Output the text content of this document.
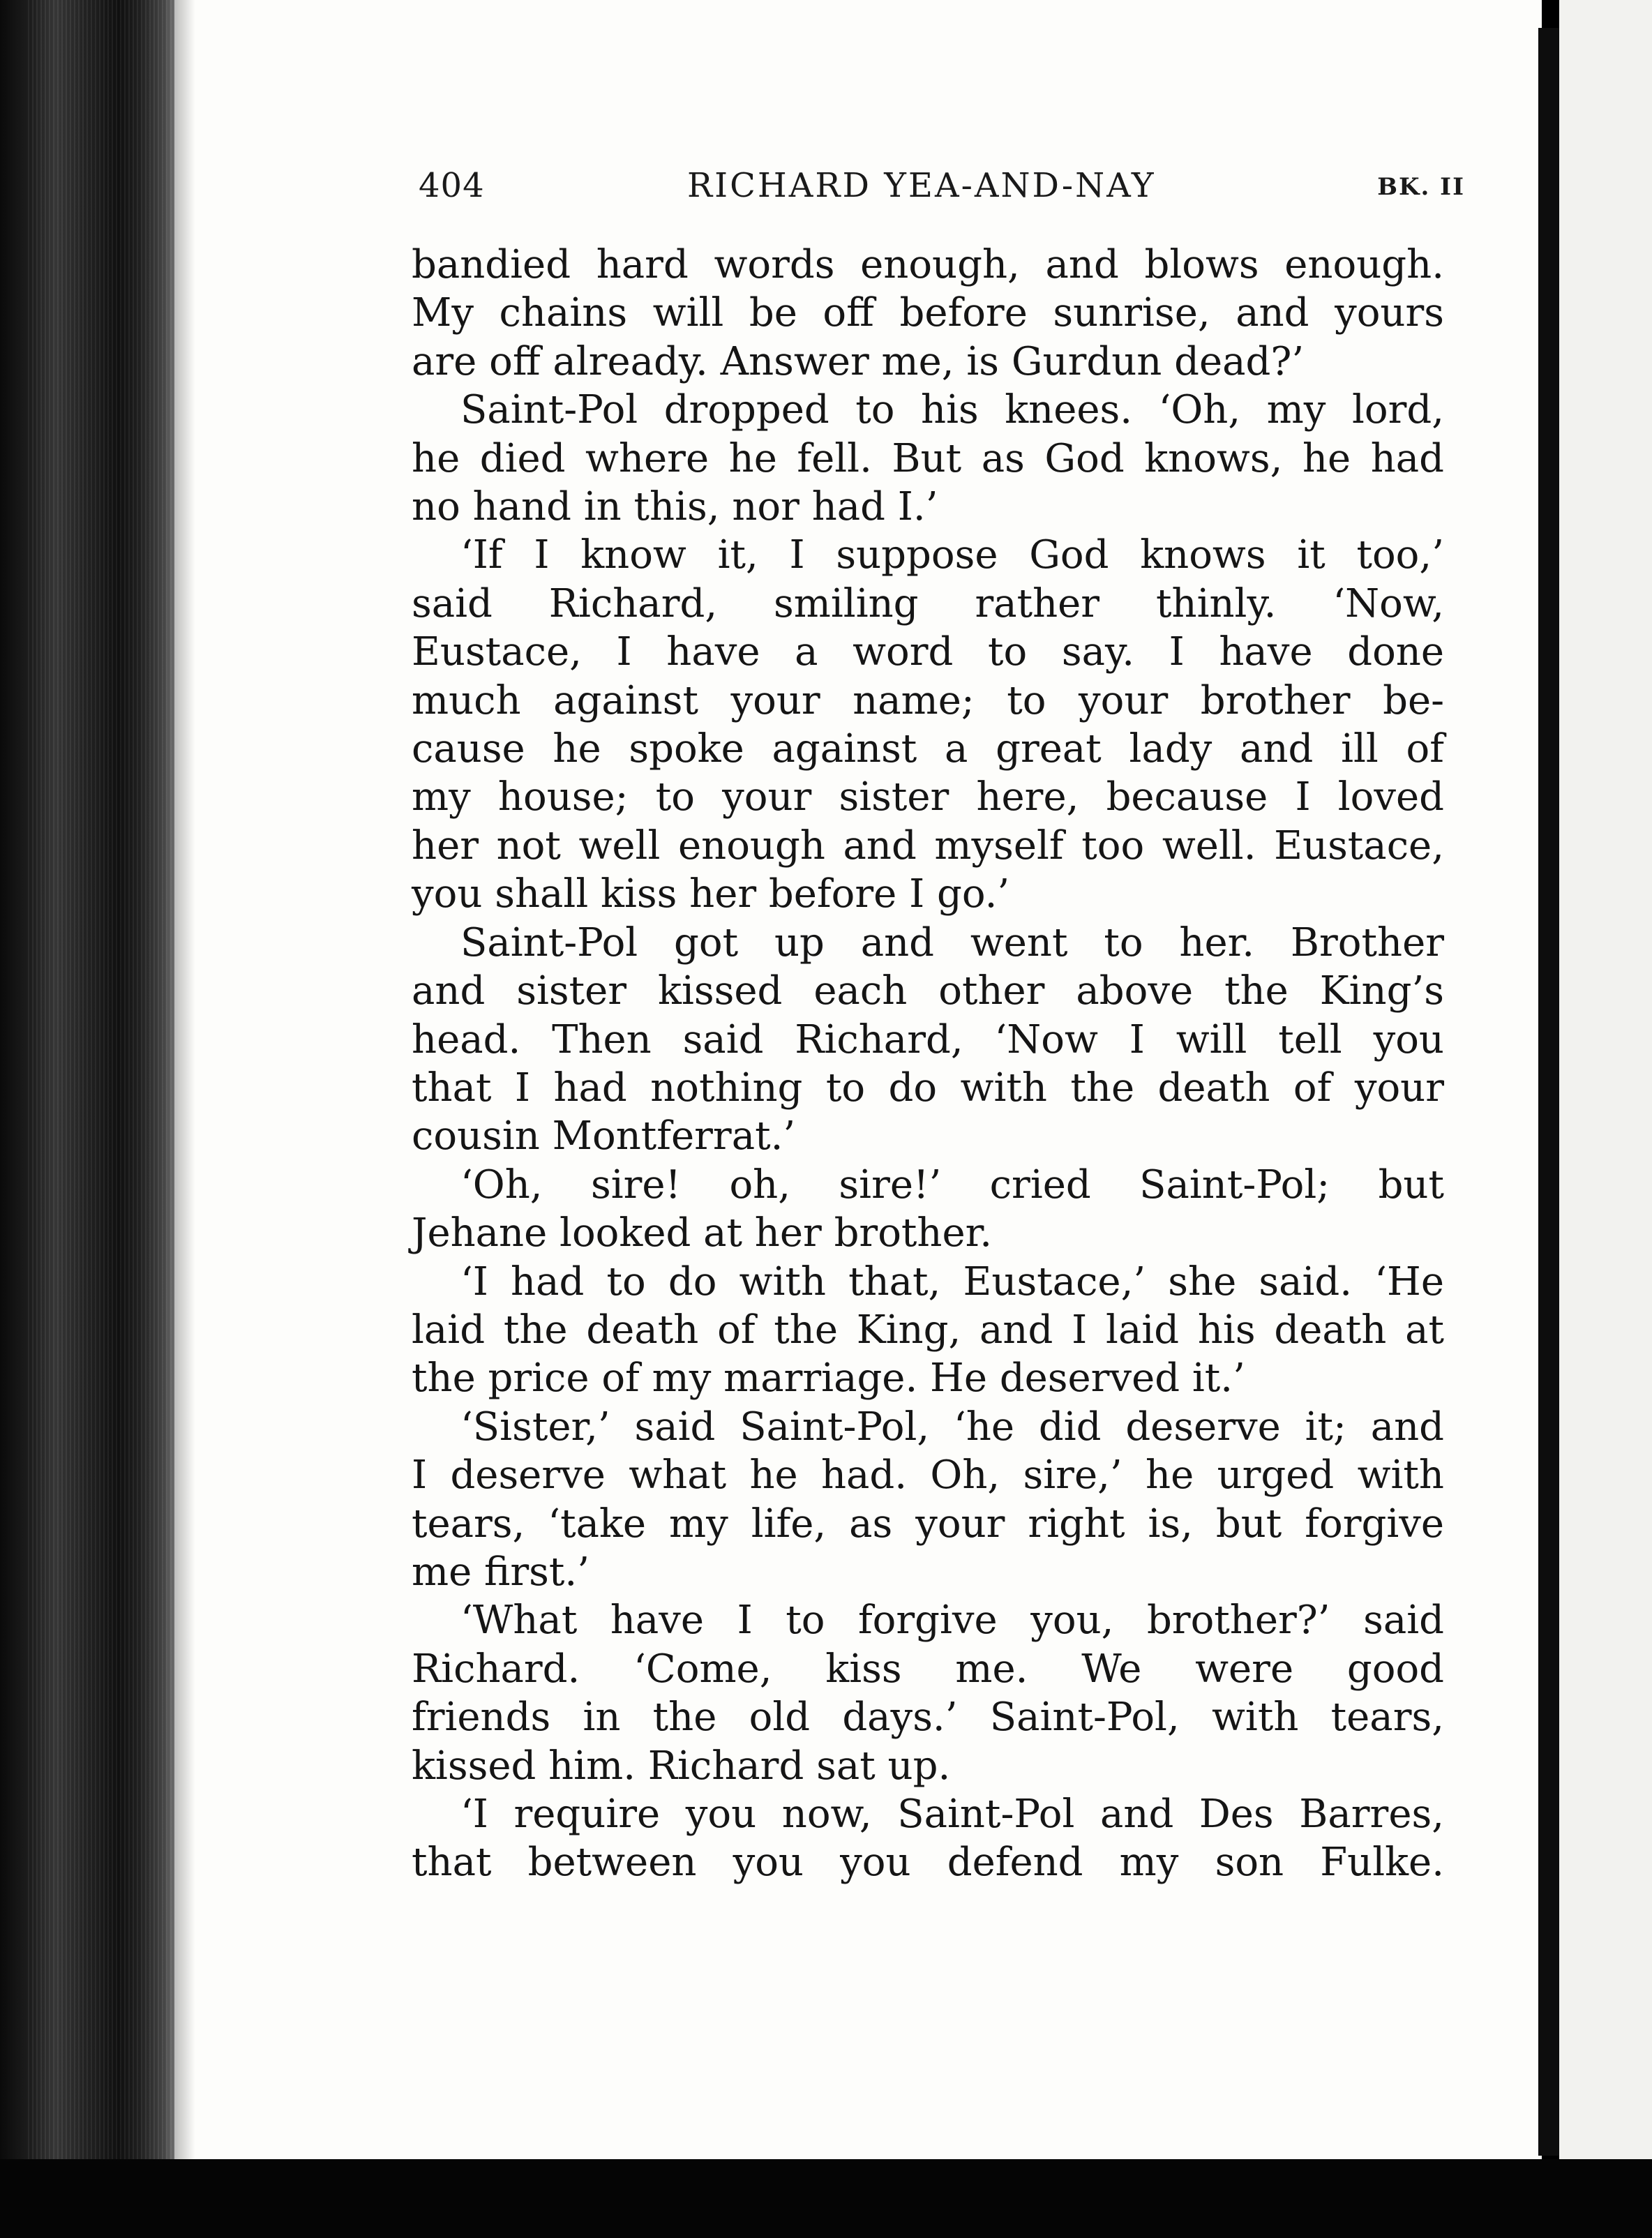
404	RICHARD YEA-AND-NAY	BK. II

bandied hard words enough, and blows enough.

My chains will be off before sunrise, and yours

are off already. Answer me, is Gurdun dead?’

Saint-Pol dropped to his knees. ‘Oh, my lord,

he died where he fell. But as God knows, he had

no hand in this, nor had I.’

‘If I know it, I suppose God knows it too,’

said Richard, smiling rather thinly. ‘Now,

Eustace, I have a word to say. I have done

much against your name; to your brother be-

cause he spoke against a great lady and ill of

my house; to your sister here, because I loved

her not well enough and myself too well. Eustace,

you shall kiss her before I go.’

Saint-Pol got up and went to her. Brother

and sister kissed each other above the King’s

head. Then said Richard, ‘Now I will tell you

that I had nothing to do with the death of your

cousin Montferrat.’

‘Oh, sire! oh, sire!’ cried Saint-Pol; but

Jehane looked at her brother.

‘I had to do with that, Eustace,’ she said. ‘He

laid the death of the King, and I laid his death at

the price of my marriage. He deserved it.’

‘Sister,’ said Saint-Pol, ‘he did deserve it; and

I deserve what he had. Oh, sire,’ he urged with

tears, ‘take my life, as your right is, but forgive

me first.’

‘What have I to forgive you, brother?’ said

Richard. ‘Come, kiss me. We were good

friends in the old days.’ Saint-Pol, with tears,

kissed him. Richard sat up.

‘I require you now, Saint-Pol and Des Barres,

that between you you defend my son Fulke.
